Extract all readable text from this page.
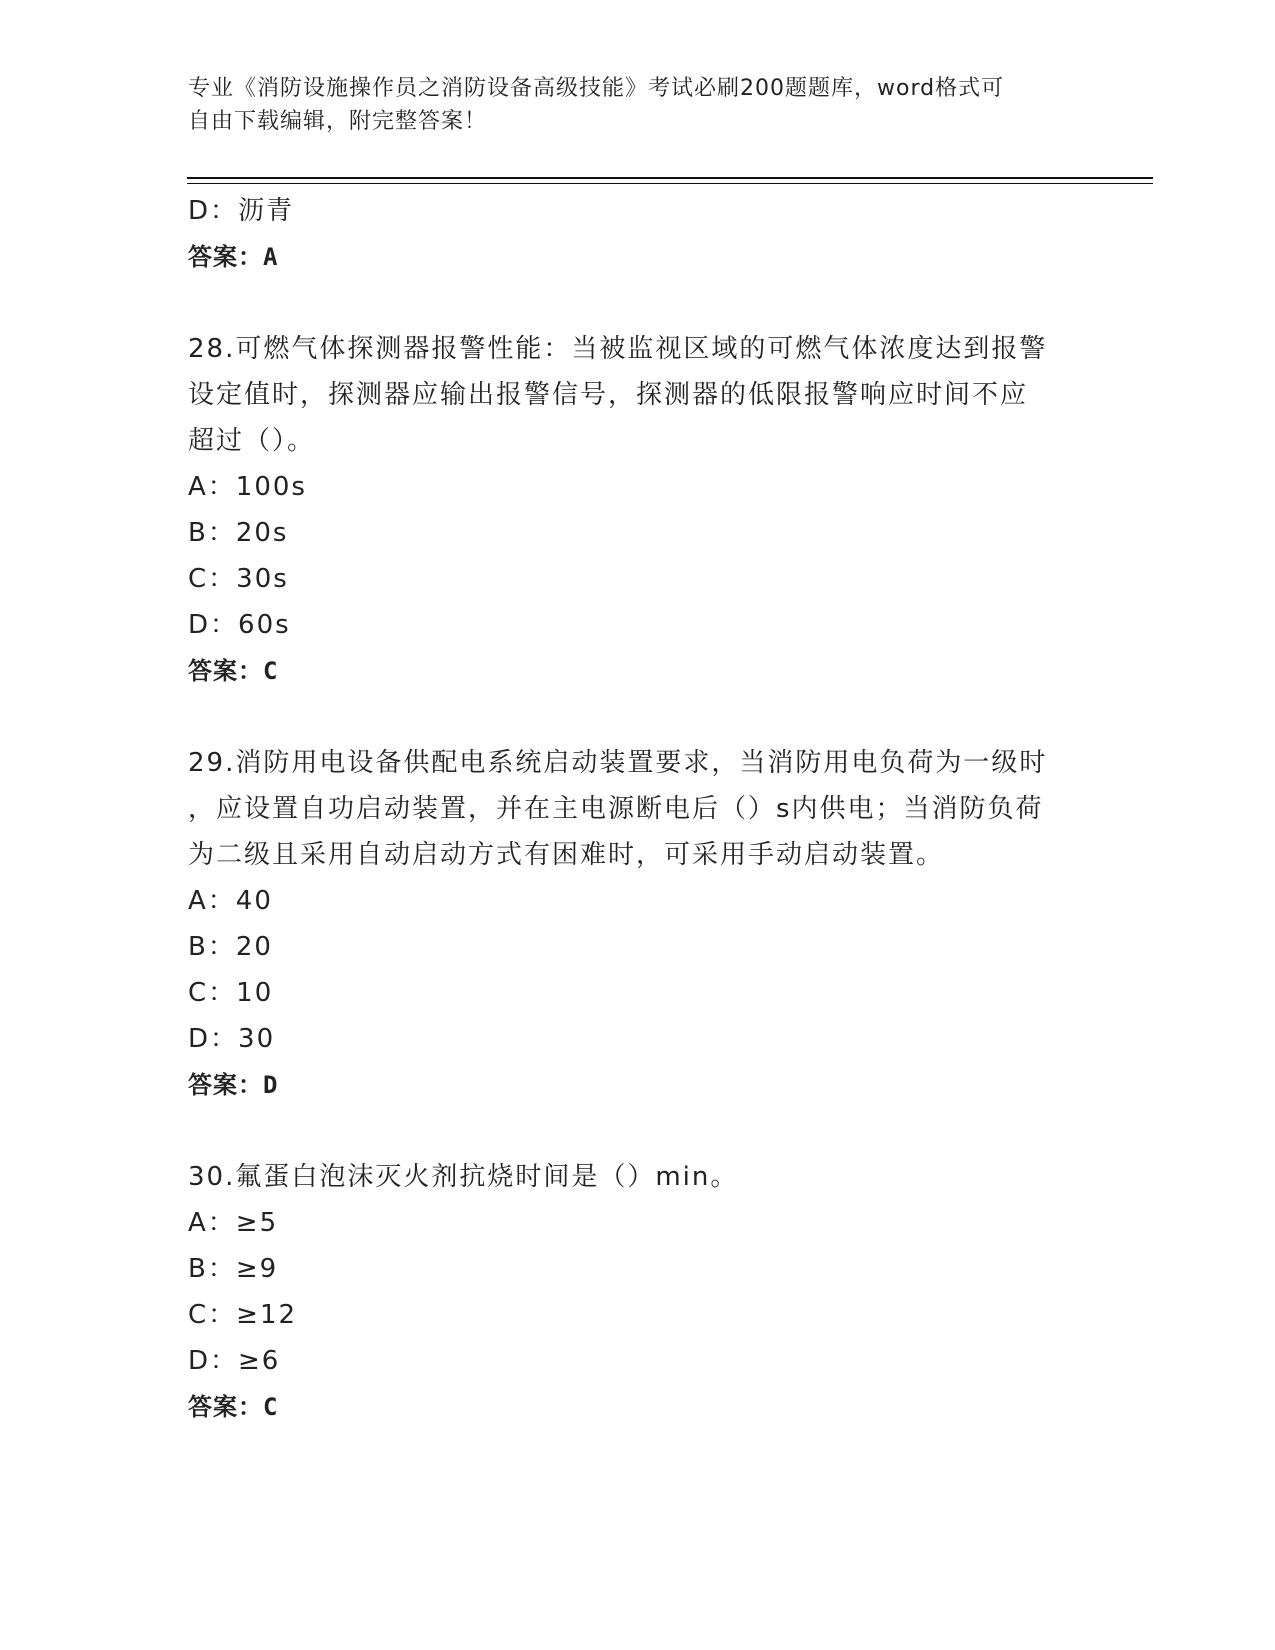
专业《消防设施操作员之消防设备高级技能》考试必刷200题题库，word格式可
自由下载编辑，附完整答案！
D：沥青
答案：A
28.可燃气体探测器报警性能：当被监视区域的可燃气体浓度达到报警
设定值时，探测器应输出报警信号，探测器的低限报警响应时间不应
超过（）。
A：100s
B：20s
C：30s
D：60s
答案：C
29.消防用电设备供配电系统启动装置要求，当消防用电负荷为一级时
，应设置自功启动装置，并在主电源断电后（）s内供电；当消防负荷
为二级且采用自动启动方式有困难时，可采用手动启动装置。
A：40
B：20
C：10
D：30
答案：D
30.氟蛋白泡沫灭火剂抗烧时间是（）min。
A：≥5
B：≥9
C：≥12
D：≥6
答案：C
